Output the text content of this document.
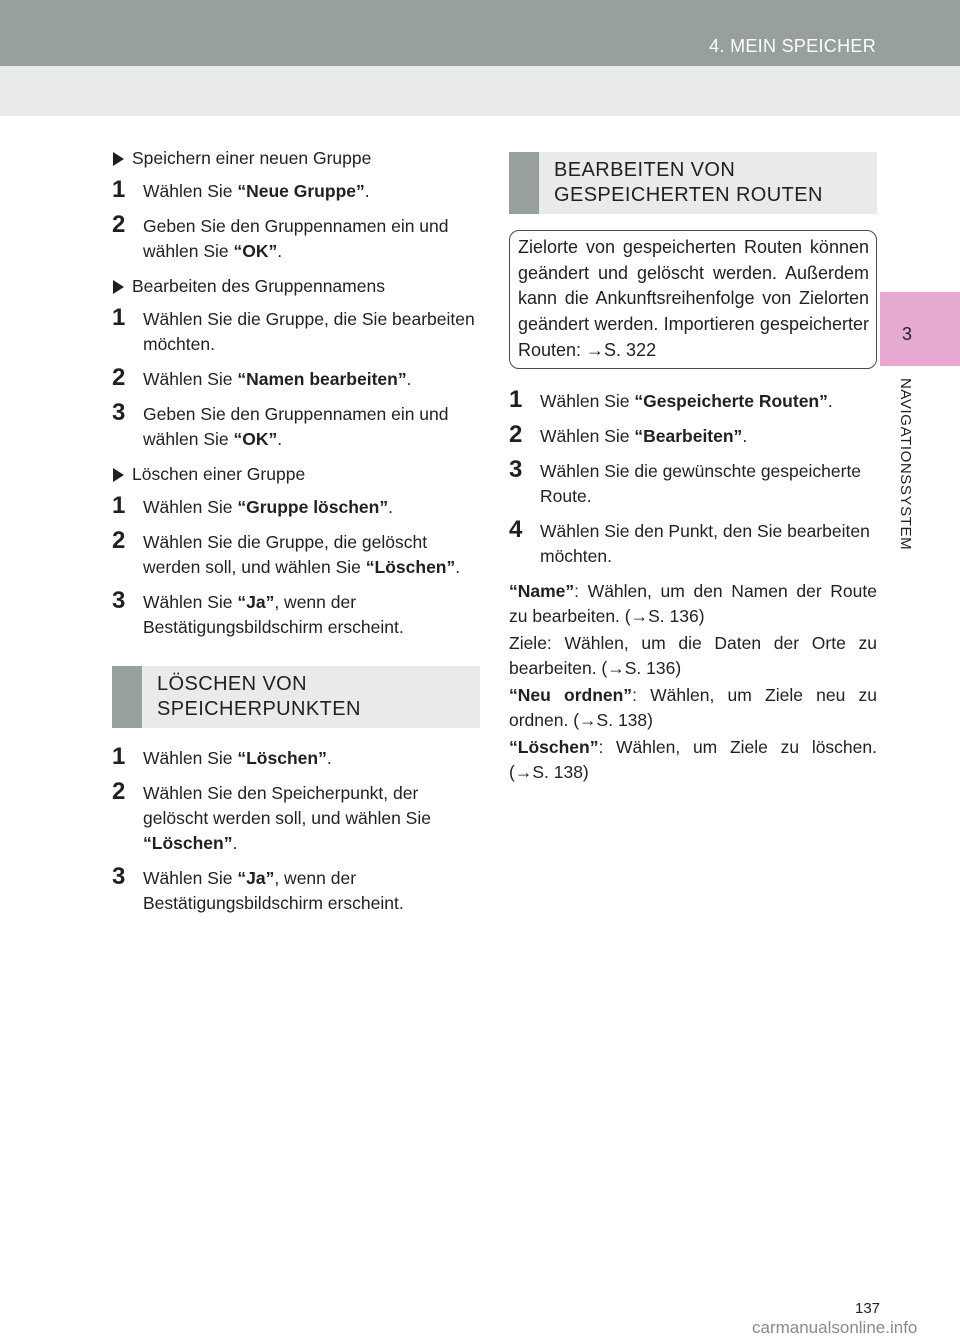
4. MEIN SPEICHER
3
NAVIGATIONSSYSTEM
Speichern einer neuen Gruppe
1 Wählen Sie “Neue Gruppe”.
2 Geben Sie den Gruppennamen ein und wählen Sie “OK”.
Bearbeiten des Gruppennamens
1 Wählen Sie die Gruppe, die Sie bearbeiten möchten.
2 Wählen Sie “Namen bearbeiten”.
3 Geben Sie den Gruppennamen ein und wählen Sie “OK”.
Löschen einer Gruppe
1 Wählen Sie “Gruppe löschen”.
2 Wählen Sie die Gruppe, die gelöscht werden soll, und wählen Sie “Löschen”.
3 Wählen Sie “Ja”, wenn der Bestätigungsbildschirm erscheint.
LÖSCHEN VON
SPEICHERPUNKTEN
1 Wählen Sie “Löschen”.
2 Wählen Sie den Speicherpunkt, der gelöscht werden soll, und wählen Sie “Löschen”.
3 Wählen Sie “Ja”, wenn der Bestätigungsbildschirm erscheint.
BEARBEITEN VON
GESPEICHERTEN ROUTEN
Zielorte von gespeicherten Routen können geändert und gelöscht werden. Außerdem kann die Ankunftsreihenfolge von Zielorten geändert werden. Importieren gespeicherter Routen: →S. 322
1 Wählen Sie “Gespeicherte Routen”.
2 Wählen Sie “Bearbeiten”.
3 Wählen Sie die gewünschte gespeicherte Route.
4 Wählen Sie den Punkt, den Sie bearbeiten möchten.

“Name”: Wählen, um den Namen der Route zu bearbeiten. (→S. 136)

Ziele: Wählen, um die Daten der Orte zu bearbeiten. (→S. 136)

“Neu ordnen”: Wählen, um Ziele neu zu ordnen. (→S. 138)

“Löschen”: Wählen, um Ziele zu löschen. (→S. 138)

137
carmanualsonline.info
